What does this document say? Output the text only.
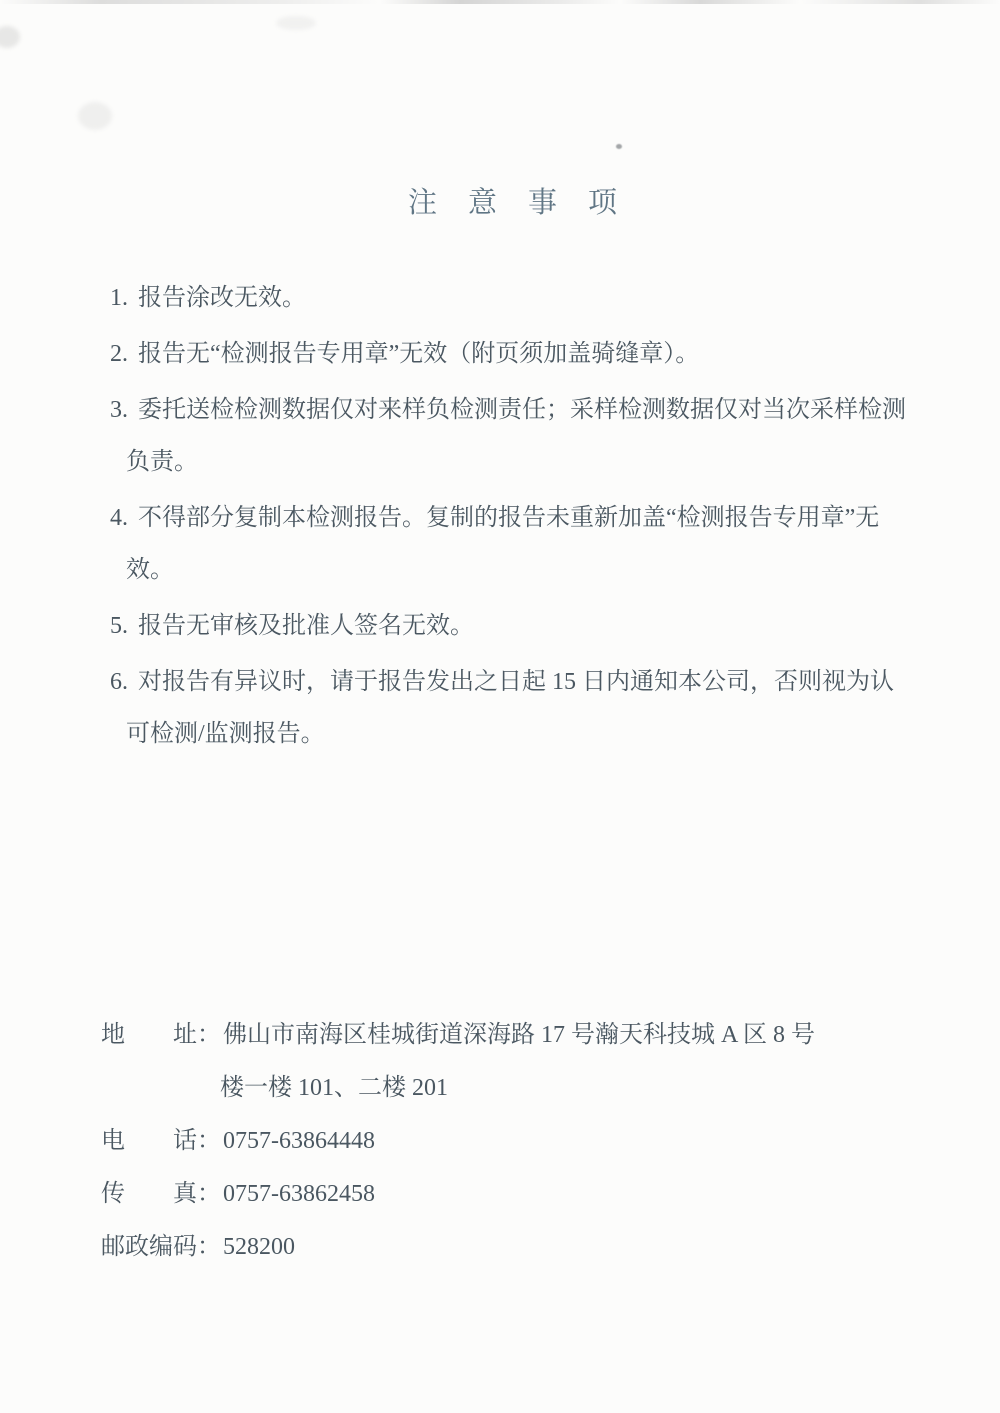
注意事项
1. 报告涂改无效。
2. 报告无“检测报告专用章”无效（附页须加盖骑缝章）。
3. 委托送检检测数据仅对来样负检测责任；采样检测数据仅对当次采样检测
负责。
4. 不得部分复制本检测报告。复制的报告未重新加盖“检测报告专用章”无
效。
5. 报告无审核及批准人签名无效。
6. 对报告有异议时，请于报告发出之日起 15 日内通知本公司，否则视为认
可检测/监测报告。
地址：佛山市南海区桂城街道深海路 17 号瀚天科技城 A 区 8 号
楼一楼 101、二楼 201
电话：0757-63864448
传真：0757-63862458
邮政编码：528200
